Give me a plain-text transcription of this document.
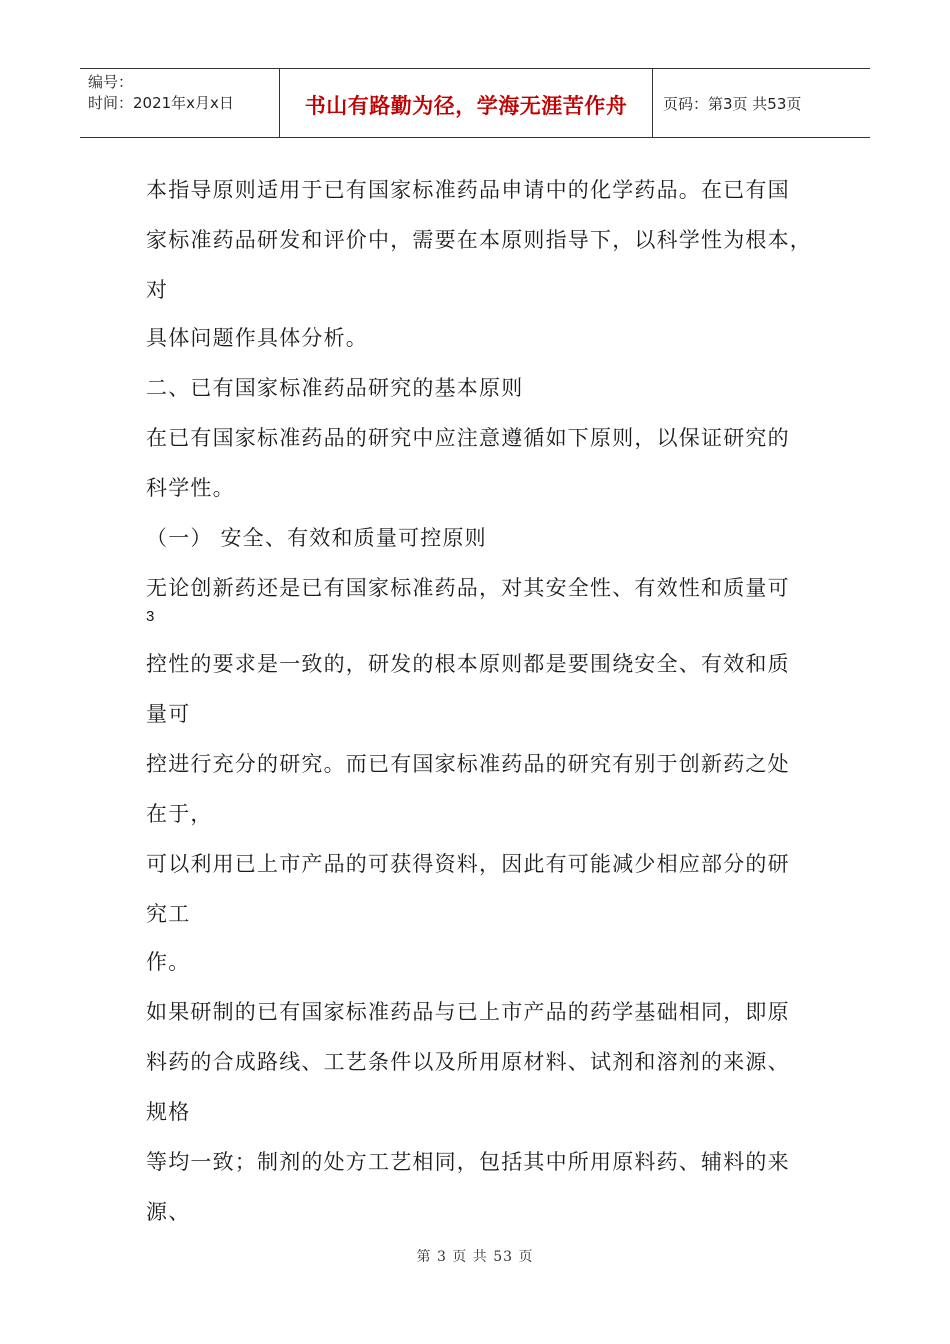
编号：
时间：2021年x月x日	书山有路勤为径，学海无涯苦作舟	页码：第3页 共53页
本指导原则适用于已有国家标准药品申请中的化学药品。在已有国
家标准药品研发和评价中，需要在本原则指导下，以科学性为根本，
对
具体问题作具体分析。
二、已有国家标准药品研究的基本原则
在已有国家标准药品的研究中应注意遵循如下原则，以保证研究的
科学性。
（一） 安全、有效和质量可控原则
无论创新药还是已有国家标准药品，对其安全性、有效性和质量可
控性的要求是一致的，研发的根本原则都是要围绕安全、有效和质
量可
控进行充分的研究。而已有国家标准药品的研究有别于创新药之处
在于，
可以利用已上市产品的可获得资料，因此有可能减少相应部分的研
究工
作。
如果研制的已有国家标准药品与已上市产品的药学基础相同，即原
料药的合成路线、工艺条件以及所用原材料、试剂和溶剂的来源、
规格
等均一致；制剂的处方工艺相同，包括其中所用原料药、辅料的来
源、
3
第 3 页 共 53 页
